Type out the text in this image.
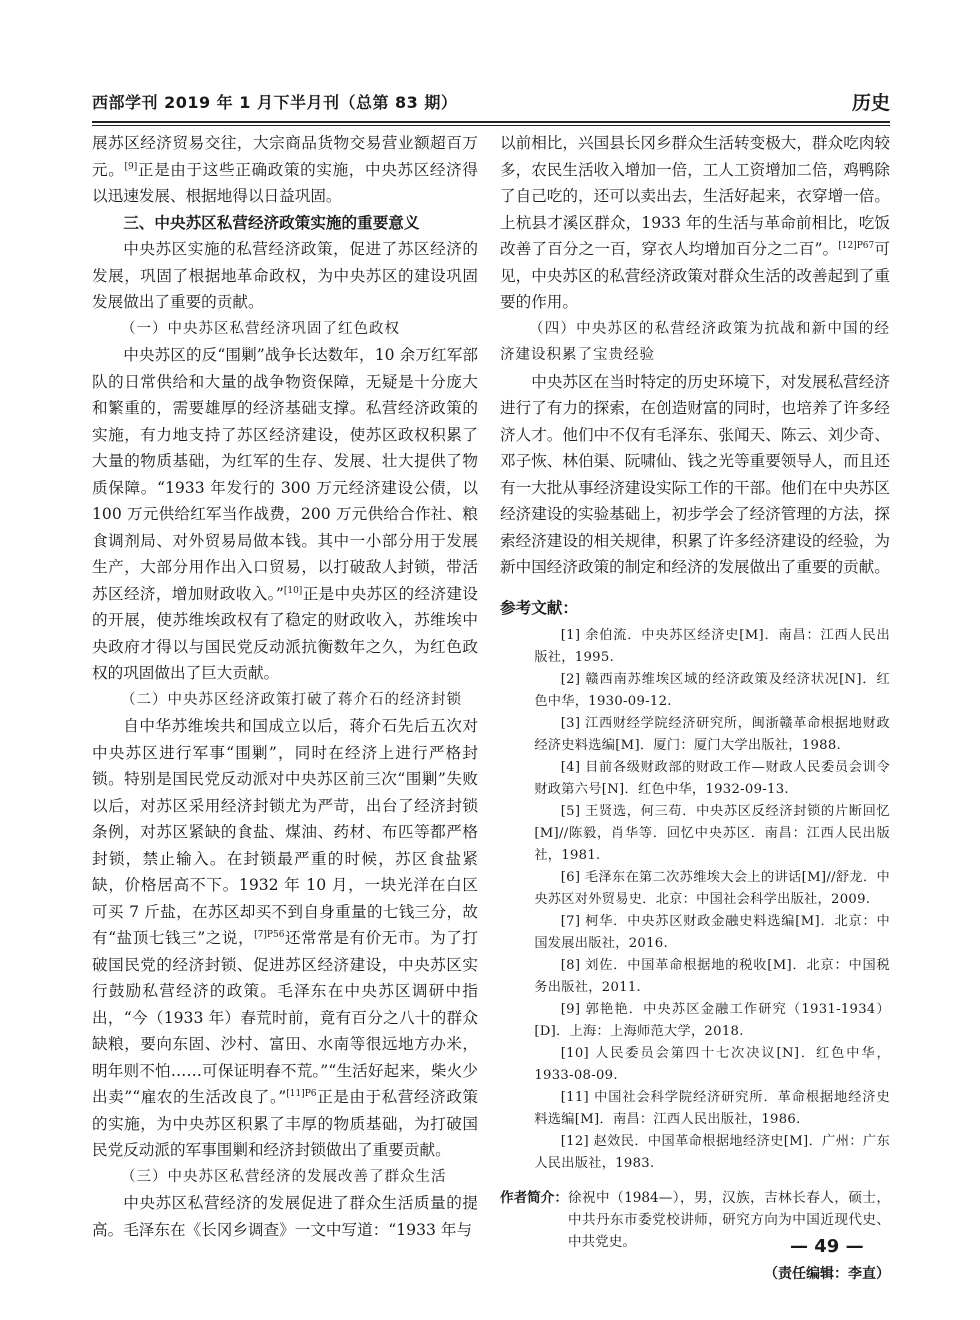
西部学刊 2019 年 1 月下半月刊（总第 83 期）	历史

展苏区经济贸易交往，大宗商品货物交易营业额超百万元。[9]正是由于这些正确政策的实施，中央苏区经济得以迅速发展、根据地得以日益巩固。

三、中央苏区私营经济政策实施的重要意义

中央苏区实施的私营经济政策，促进了苏区经济的发展，巩固了根据地革命政权，为中央苏区的建设巩固发展做出了重要的贡献。

（一）中央苏区私营经济巩固了红色政权

中央苏区的反“围剿”战争长达数年，10 余万红军部队的日常供给和大量的战争物资保障，无疑是十分庞大和繁重的，需要雄厚的经济基础支撑。私营经济政策的实施，有力地支持了苏区经济建设，使苏区政权积累了大量的物质基础，为红军的生存、发展、壮大提供了物质保障。“1933 年发行的 300 万元经济建设公债，以 100 万元供给红军当作战费，200 万元供给合作社、粮食调剂局、对外贸易局做本钱。其中一小部分用于发展生产，大部分用作出入口贸易，以打破敌人封锁，带活苏区经济，增加财政收入。”[10]正是中央苏区的经济建设的开展，使苏维埃政权有了稳定的财政收入，苏维埃中央政府才得以与国民党反动派抗衡数年之久，为红色政权的巩固做出了巨大贡献。

（二）中央苏区经济政策打破了蒋介石的经济封锁

自中华苏维埃共和国成立以后，蒋介石先后五次对中央苏区进行军事“围剿”，同时在经济上进行严格封锁。特别是国民党反动派对中央苏区前三次“围剿”失败以后，对苏区采用经济封锁尤为严苛，出台了经济封锁条例，对苏区紧缺的食盐、煤油、药材、布匹等都严格封锁，禁止输入。在封锁最严重的时候，苏区食盐紧缺，价格居高不下。1932 年 10 月，一块光洋在白区可买 7 斤盐，在苏区却买不到自身重量的七钱三分，故有“盐顶七钱三”之说，$^{[7]P56}$还常常是有价无市。为了打破国民党的经济封锁、促进苏区经济建设，中央苏区实行鼓励私营经济的政策。毛泽东在中央苏区调研中指出，“今（1933 年）春荒时前，竟有百分之八十的群众缺粮，要向东固、沙村、富田、水南等很远地方办米，明年则不怕……可保证明春不荒。”“生活好起来，柴火少出卖”“雇农的生活改良了。”$^{[11]P6}$正是由于私营经济政策的实施，为中央苏区积累了丰厚的物质基础，为打破国民党反动派的军事围剿和经济封锁做出了重要贡献。

（三）中央苏区私营经济的发展改善了群众生活

中央苏区私营经济的发展促进了群众生活质量的提高。毛泽东在《长冈乡调查》一文中写道：“1933 年与

以前相比，兴国县长冈乡群众生活转变极大，群众吃肉较多，农民生活收入增加一倍，工人工资增加二倍，鸡鸭除了自己吃的，还可以卖出去，生活好起来，衣穿增一倍。上杭县才溪区群众，1933 年的生活与革命前相比，吃饭改善了百分之一百，穿衣人均增加百分之二百”。$^{[12]P67}$可见，中央苏区的私营经济政策对群众生活的改善起到了重要的作用。

（四）中央苏区的私营经济政策为抗战和新中国的经济建设积累了宝贵经验

中央苏区在当时特定的历史环境下，对发展私营经济进行了有力的探索，在创造财富的同时，也培养了许多经济人才。他们中不仅有毛泽东、张闻天、陈云、刘少奇、邓子恢、林伯渠、阮啸仙、钱之光等重要领导人，而且还有一大批从事经济建设实际工作的干部。他们在中央苏区经济建设的实验基础上，初步学会了经济管理的方法，探索经济建设的相关规律，积累了许多经济建设的经验，为新中国经济政策的制定和经济的发展做出了重要的贡献。

参考文献：

[1] 余伯流．中央苏区经济史[M]．南昌：江西人民出版社，1995.

[2] 赣西南苏维埃区域的经济政策及经济状况[N]．红色中华，1930-09-12.

[3] 江西财经学院经济研究所，闽浙赣革命根据地财政经济史料选编[M]．厦门：厦门大学出版社，1988.

[4] 目前各级财政部的财政工作—财政人民委员会训令财政第六号[N]．红色中华，1932-09-13.

[5] 王贤选，何三苟．中央苏区反经济封锁的片断回忆[M]//陈毅，肖华等．回忆中央苏区．南昌：江西人民出版社，1981.

[6] 毛泽东在第二次苏维埃大会上的讲话[M]//舒龙．中央苏区对外贸易史．北京：中国社会科学出版社，2009.

[7] 柯华．中央苏区财政金融史料选编[M]．北京：中国发展出版社，2016.

[8] 刘佐．中国革命根据地的税收[M]．北京：中国税务出版社，2011.

[9] 郭艳艳．中央苏区金融工作研究（1931-1934）[D]．上海：上海师范大学，2018.

[10] 人民委员会第四十七次决议[N]．红色中华，1933-08-09.

[11] 中国社会科学院经济研究所．革命根据地经济史料选编[M]．南昌：江西人民出版社，1986.

[12] 赵效民．中国革命根据地经济史[M]．广州：广东人民出版社，1983.

作者简介： 徐祝中（1984—），男，汉族，吉林长春人，硕士，中共丹东市委党校讲师，研究方向为中国近现代史、中共党史。
（责任编辑：李直）
— 49 —
